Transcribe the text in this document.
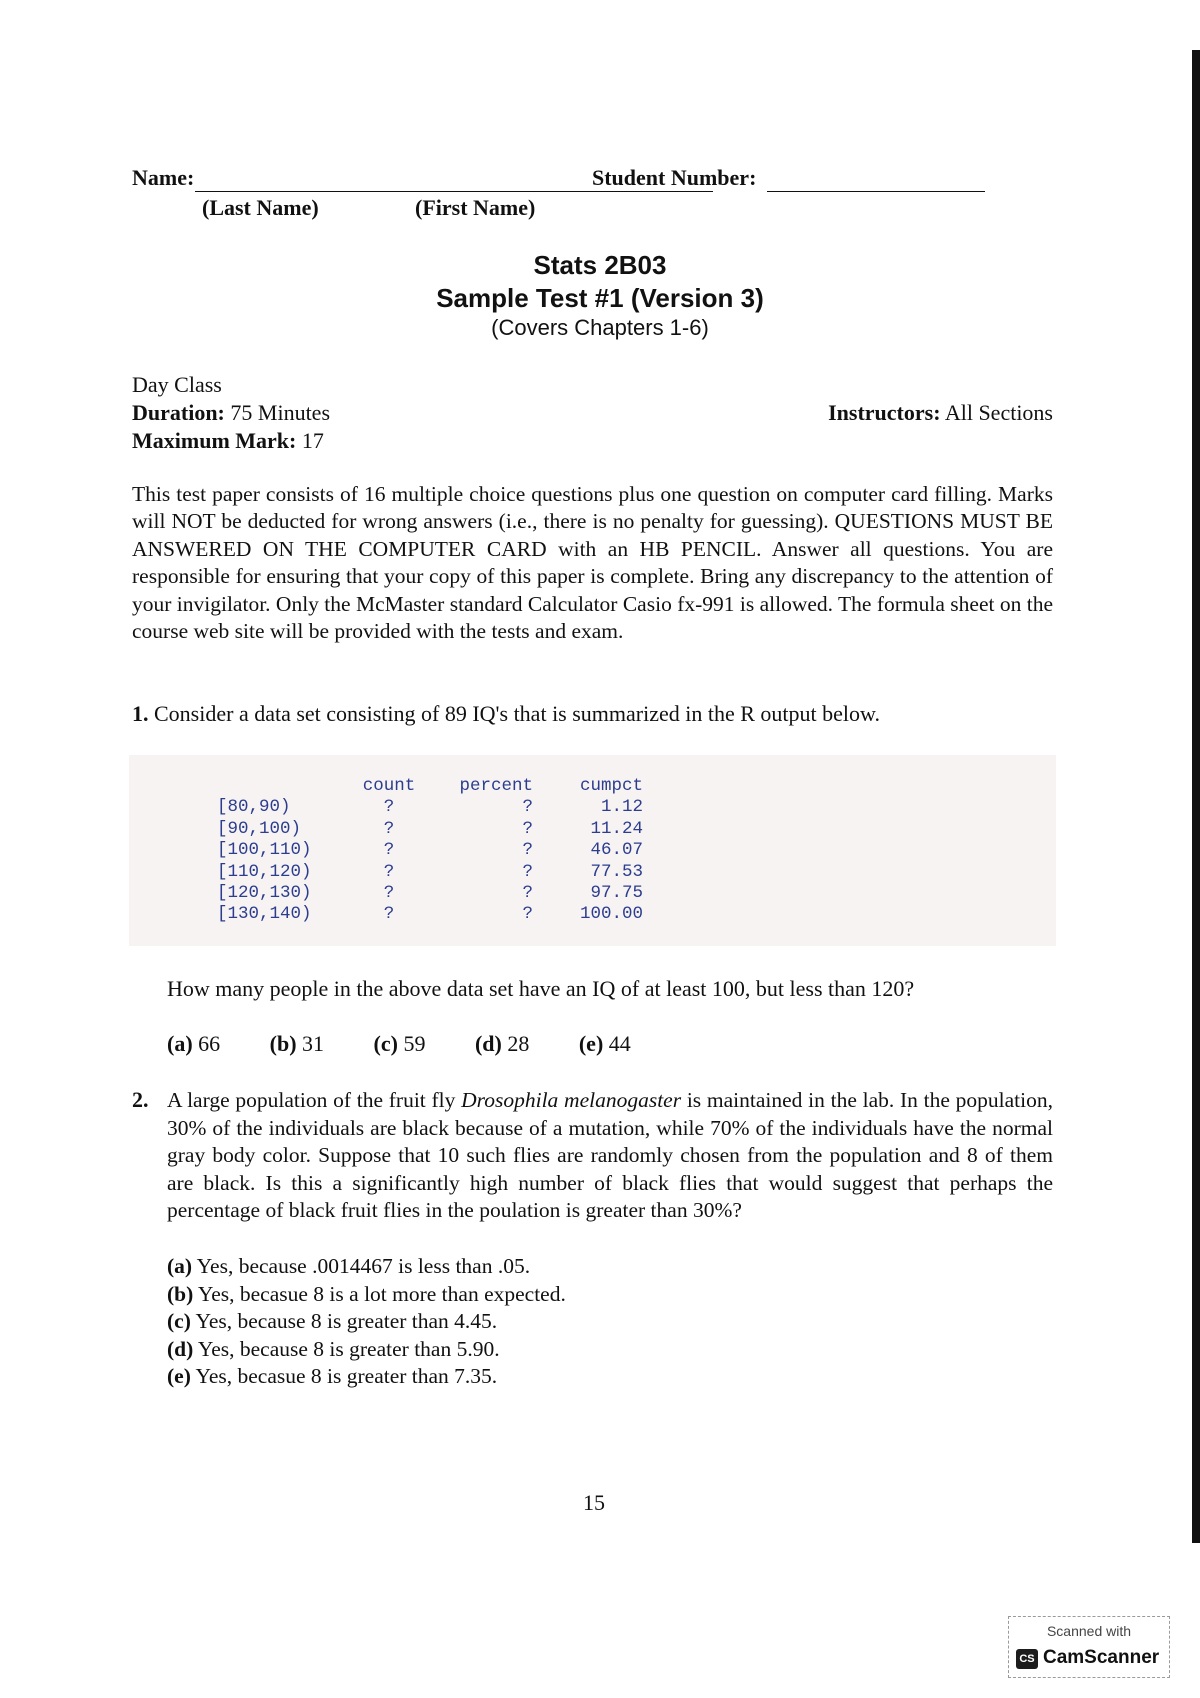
Name:	Student Number:
(Last Name)	(First Name)
Stats 2B03
Sample Test #1 (Version 3)
(Covers Chapters 1-6)
Day Class
Duration: 75 Minutes
Maximum Mark: 17
Instructors: All Sections
This test paper consists of 16 multiple choice questions plus one question on computer card filling. Marks will NOT be deducted for wrong answers (i.e., there is no penalty for guessing). QUESTIONS MUST BE ANSWERED ON THE COMPUTER CARD with an HB PENCIL. Answer all questions. You are responsible for ensuring that your copy of this paper is complete. Bring any discrepancy to the attention of your invigilator. Only the McMaster standard Calculator Casio fx-991 is allowed. The formula sheet on the course web site will be provided with the tests and exam.
1. Consider a data set consisting of 89 IQ's that is summarized in the R output below.
	count	percent	cumpct
[80,90)	?	?	1.12
[90,100)	?	?	11.24
[100,110)	?	?	46.07
[110,120)	?	?	77.53
[120,130)	?	?	97.75
[130,140)	?	?	100.00
How many people in the above data set have an IQ of at least 100, but less than 120?
(a) 66 (b) 31 (c) 59 (d) 28 (e) 44
2. A large population of the fruit fly Drosophila melanogaster is maintained in the lab. In the population, 30% of the individuals are black because of a mutation, while 70% of the individuals have the normal gray body color. Suppose that 10 such flies are randomly chosen from the population and 8 of them are black. Is this a significantly high number of black flies that would suggest that perhaps the percentage of black fruit flies in the poulation is greater than 30%?
(a) Yes, because .0014467 is less than .05.
(b) Yes, becasue 8 is a lot more than expected.
(c) Yes, because 8 is greater than 4.45.
(d) Yes, because 8 is greater than 5.90.
(e) Yes, becasue 8 is greater than 7.35.
15
Scanned with
CS CamScanner
